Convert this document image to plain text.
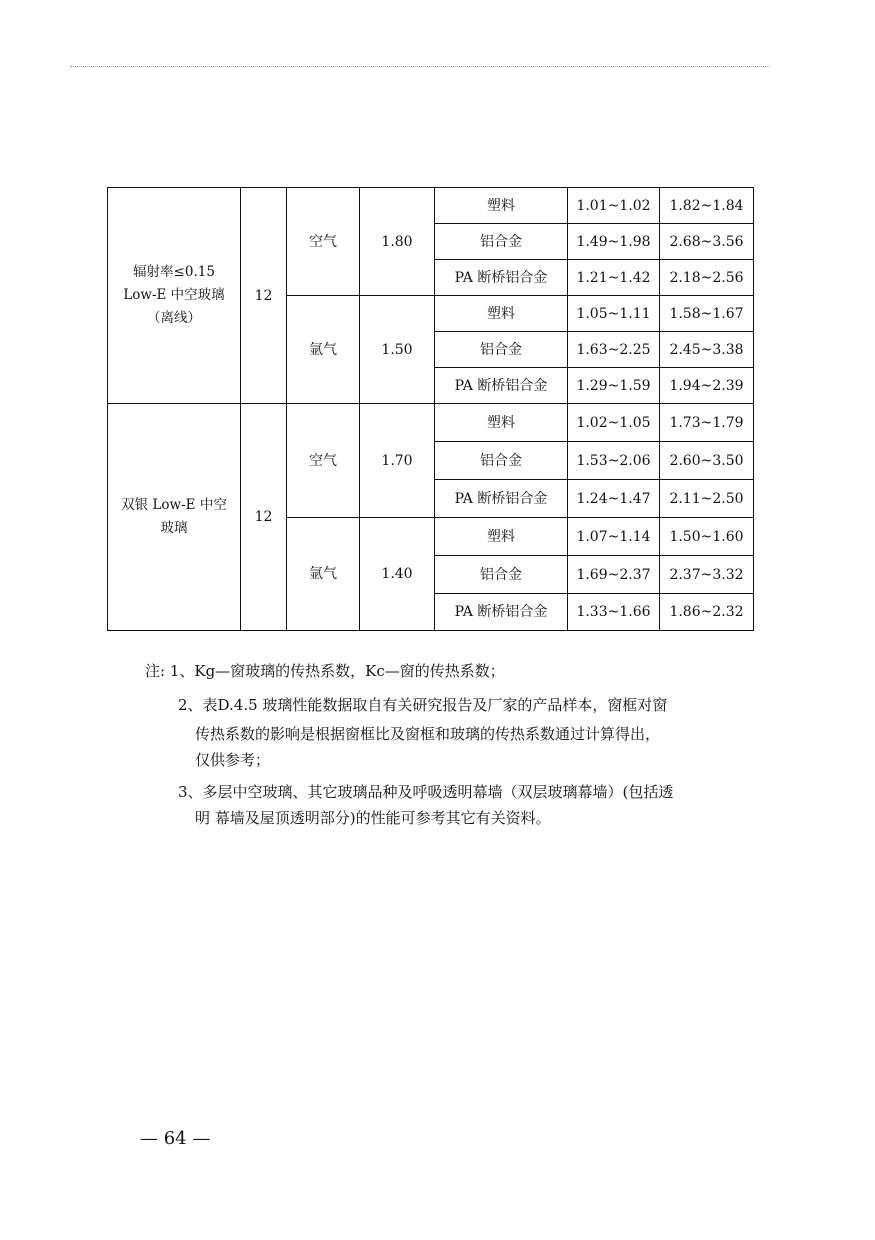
辐射率≤0.15
Low-E 中空玻璃
（离线）	12	空气	1.80	塑料	1.01~1.02	1.82~1.84
				铝合金	1.49~1.98	2.68~3.56
				PA 断桥铝合金	1.21~1.42	2.18~2.56
		氩气	1.50	塑料	1.05~1.11	1.58~1.67
				铝合金	1.63~2.25	2.45~3.38
				PA 断桥铝合金	1.29~1.59	1.94~2.39
双银 Low-E 中空
玻璃	12	空气	1.70	塑料	1.02~1.05	1.73~1.79
				铝合金	1.53~2.06	2.60~3.50
				PA 断桥铝合金	1.24~1.47	2.11~2.50
		氩气	1.40	塑料	1.07~1.14	1.50~1.60
				铝合金	1.69~2.37	2.37~3.32
				PA 断桥铝合金	1.33~1.66	1.86~2.32
注: 1、Kg—窗玻璃的传热系数，Kc—窗的传热系数；
2、表D.4.5 玻璃性能数据取自有关研究报告及厂家的产品样本，窗框对窗
传热系数的影响是根据窗框比及窗框和玻璃的传热系数通过计算得出，
仅供参考；
3、多层中空玻璃、其它玻璃品种及呼吸透明幕墙（双层玻璃幕墙）(包括透
明 幕墙及屋顶透明部分)的性能可参考其它有关资料。
— 64 —
